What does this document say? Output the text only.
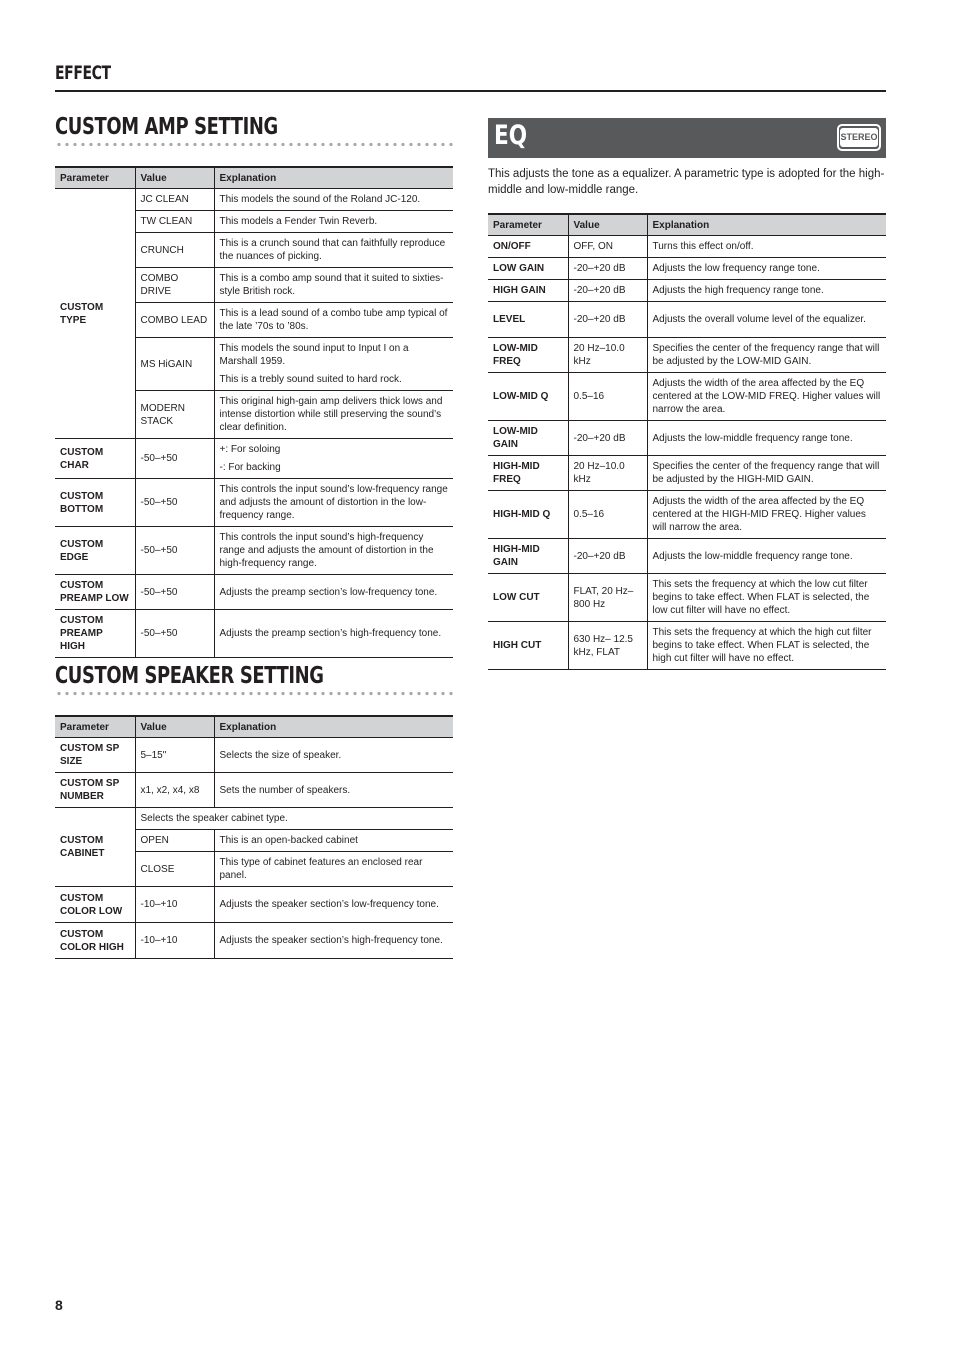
EFFECT
CUSTOM AMP SETTING
Parameter	Value	Explanation
CUSTOM TYPE	JC CLEAN	This models the sound of the Roland JC-120.
	TW CLEAN	This models a Fender Twin Reverb.
	CRUNCH	This is a crunch sound that can faithfully reproduce the nuances of picking.
	COMBO DRIVE	This is a combo amp sound that it suited to sixties-style British rock.
	COMBO LEAD	This is a lead sound of a combo tube amp typical of the late ’70s to ’80s.
	MS HiGAIN	This models the sound input to Input I on a Marshall 1959.
This is a trebly sound suited to hard rock.

	MODERN STACK	This original high-gain amp delivers thick lows and intense distortion while still preserving the sound’s clear definition.
CUSTOM CHAR	-50–+50	+: For soloing
-: For backing

CUSTOM BOTTOM	-50–+50	This controls the input sound’s low-frequency range and adjusts the amount of distortion in the low-frequency range.
CUSTOM EDGE	-50–+50	This controls the input sound’s high-frequency range and adjusts the amount of distortion in the high-frequency range.
CUSTOM PREAMP LOW	-50–+50	Adjusts the preamp section’s low-frequency tone.
CUSTOM PREAMP HIGH	-50–+50	Adjusts the preamp section’s high-frequency tone.
CUSTOM SPEAKER SETTING
Parameter	Value	Explanation
CUSTOM SP SIZE	5–15"	Selects the size of speaker.
CUSTOM SP NUMBER	x1, x2, x4, x8	Sets the number of speakers.
CUSTOM CABINET	Selects the speaker cabinet type.	
	OPEN	This is an open-backed cabinet
	CLOSE	This type of cabinet features an enclosed rear panel.
CUSTOM COLOR LOW	-10–+10	Adjusts the speaker section’s low-frequency tone.
CUSTOM COLOR HIGH	-10–+10	Adjusts the speaker section’s high-frequency tone.
EQ	STEREO
This adjusts the tone as a equalizer. A parametric type is adopted for the high-middle and low-middle range.
Parameter	Value	Explanation
ON/OFF	OFF, ON	Turns this effect on/off.
LOW GAIN	-20–+20 dB	Adjusts the low frequency range tone.
HIGH GAIN	-20–+20 dB	Adjusts the high frequency range tone.
LEVEL	-20–+20 dB	Adjusts the overall volume level of the equalizer.
LOW-MID FREQ	20 Hz–10.0 kHz	Specifies the center of the frequency range that will be adjusted by the LOW-MID GAIN.
LOW-MID Q	0.5–16	Adjusts the width of the area affected by the EQ centered at the LOW-MID FREQ. Higher values will narrow the area.
LOW-MID GAIN	-20–+20 dB	Adjusts the low-middle frequency range tone.
HIGH-MID FREQ	20 Hz–10.0 kHz	Specifies the center of the frequency range that will be adjusted by the HIGH-MID GAIN.
HIGH-MID Q	0.5–16	Adjusts the width of the area affected by the EQ centered at the HIGH-MID FREQ. Higher values will narrow the area.
HIGH-MID GAIN	-20–+20 dB	Adjusts the low-middle frequency range tone.
LOW CUT	FLAT, 20 Hz–800 Hz	This sets the frequency at which the low cut filter begins to take effect. When FLAT is selected, the low cut filter will have no effect.
HIGH CUT	630 Hz– 12.5 kHz, FLAT	This sets the frequency at which the high cut filter begins to take effect. When FLAT is selected, the high cut filter will have no effect.
8
